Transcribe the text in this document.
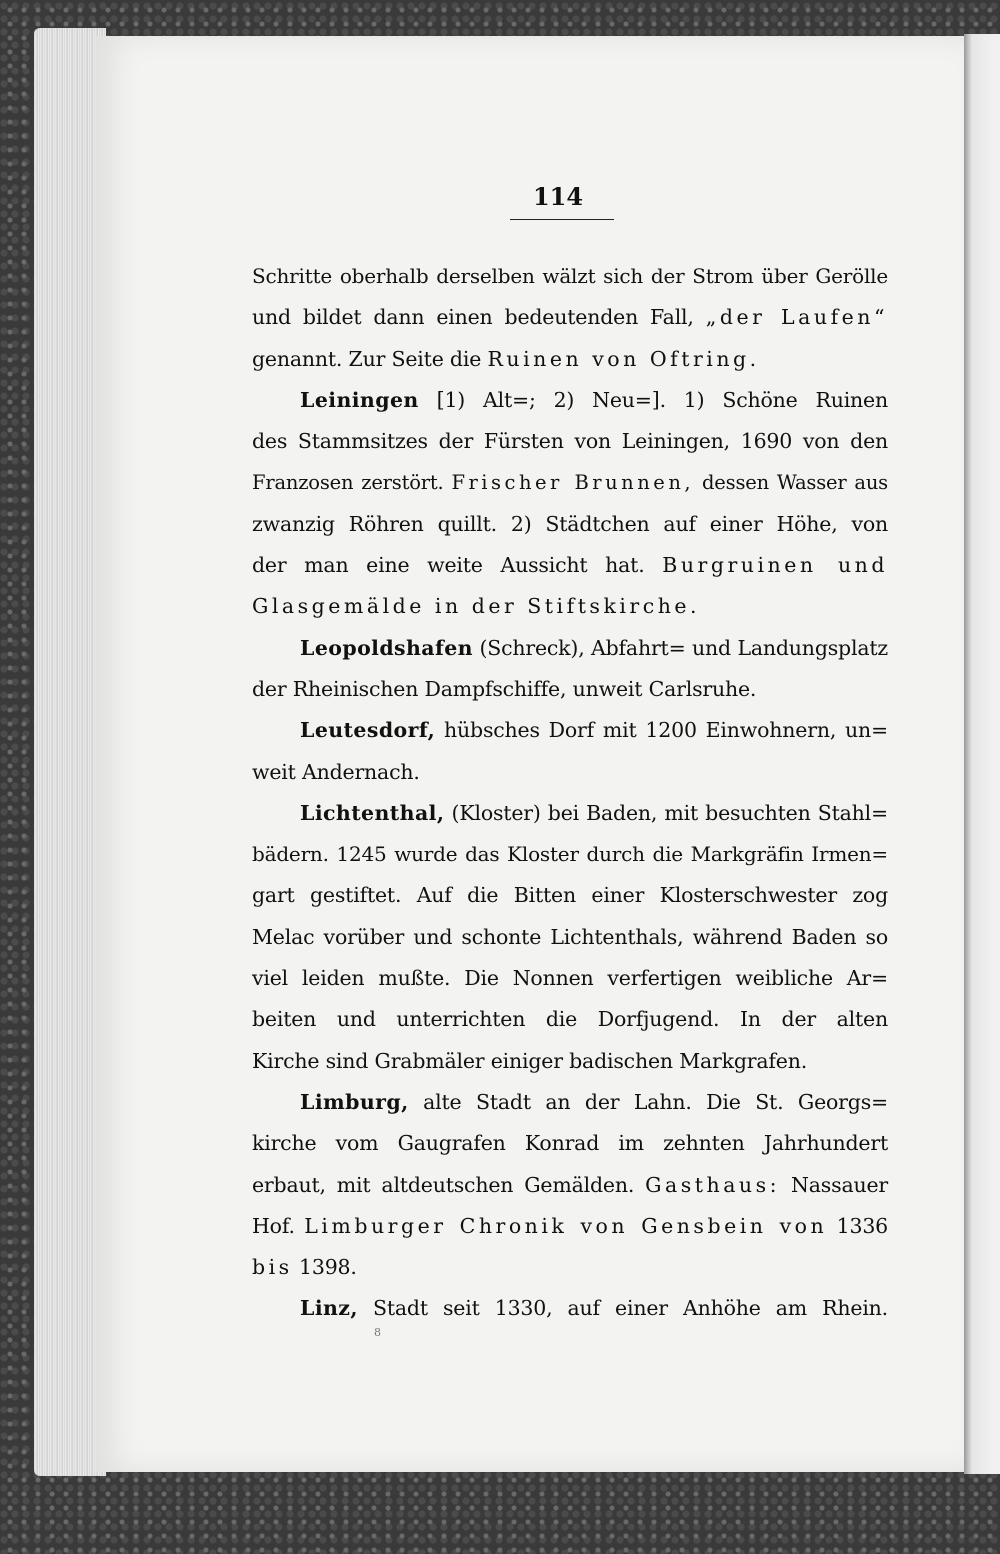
114
Schritte oberhalb derselben wälzt sich der Strom über Gerölle
und bildet dann einen bedeutenden Fall, „der Laufen“
genannt. Zur Seite die Ruinen von Oftring.
Leiningen [1) Alt=; 2) Neu=]. 1) Schöne Ruinen
des Stammsitzes der Fürsten von Leiningen, 1690 von den
Franzosen zerstört. Frischer Brunnen, dessen Wasser aus
zwanzig Röhren quillt. 2) Städtchen auf einer Höhe, von
der man eine weite Aussicht hat. Burgruinen und
Glasgemälde in der Stiftskirche.
Leopoldshafen (Schreck), Abfahrt= und Landungsplatz
der Rheinischen Dampfschiffe, unweit Carlsruhe.
Leutesdorf, hübsches Dorf mit 1200 Einwohnern, un=
weit Andernach.
Lichtenthal, (Kloster) bei Baden, mit besuchten Stahl=
bädern. 1245 wurde das Kloster durch die Markgräfin Irmen=
gart gestiftet. Auf die Bitten einer Klosterschwester zog
Melac vorüber und schonte Lichtenthals, während Baden so
viel leiden mußte. Die Nonnen verfertigen weibliche Ar=
beiten und unterrichten die Dorfjugend. In der alten
Kirche sind Grabmäler einiger badischen Markgrafen.
Limburg, alte Stadt an der Lahn. Die St. Georgs=
kirche vom Gaugrafen Konrad im zehnten Jahrhundert
erbaut, mit altdeutschen Gemälden. Gasthaus: Nassauer
Hof. Limburger Chronik von Gensbein von 1336
bis 1398.
Linz, Stadt seit 1330, auf einer Anhöhe am Rhein.
8
